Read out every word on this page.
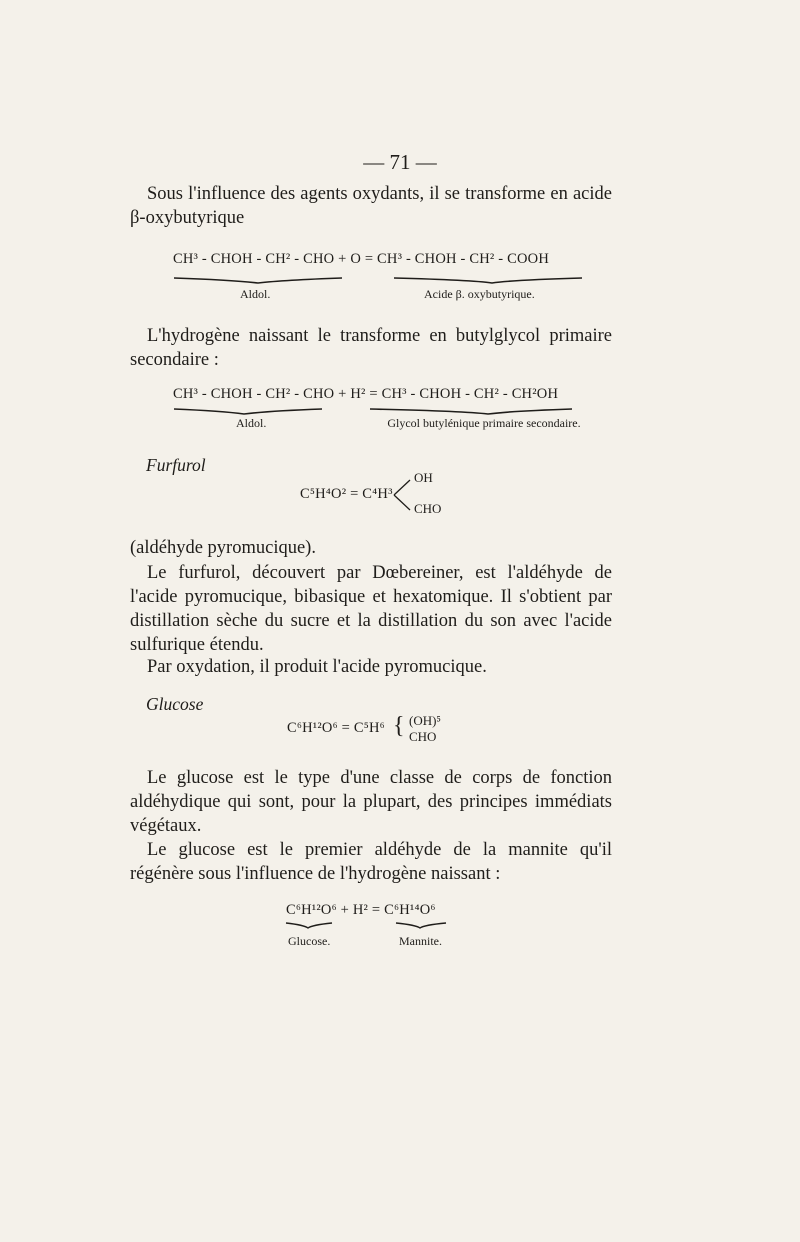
— 71 —
Sous l'influence des agents oxydants, il se transforme en acide β-oxybutyrique
CH³ - CHOH - CH² - CHO + O = CH³ - CHOH - CH² - COOH
Aldol.	Acide β. oxybutyrique.
L'hydrogène naissant le transforme en butylglycol primaire secondaire :
CH³ - CHOH - CH² - CHO + H² = CH³ - CHOH - CH² - CH²OH
Aldol.	Glycol butylénique primaire secondaire.
Furfurol
C⁵H⁴O² = C⁴H³
OH
CHO
(aldéhyde pyromucique).
Le furfurol, découvert par Dœbereiner, est l'aldéhyde de l'acide pyromucique, bibasique et hexatomique. Il s'obtient par distillation sèche du sucre et la distillation du son avec l'acide sulfurique étendu.
Par oxydation, il produit l'acide pyromucique.
Glucose
C⁶H¹²O⁶ = C⁵H⁶ { (OH)⁵
CHO
Le glucose est le type d'une classe de corps de fonction aldéhydique qui sont, pour la plupart, des principes immédiats végétaux.
Le glucose est le premier aldéhyde de la mannite qu'il régénère sous l'influence de l'hydrogène naissant :
C⁶H¹²O⁶ + H² = C⁶H¹⁴O⁶
Glucose.	Mannite.
